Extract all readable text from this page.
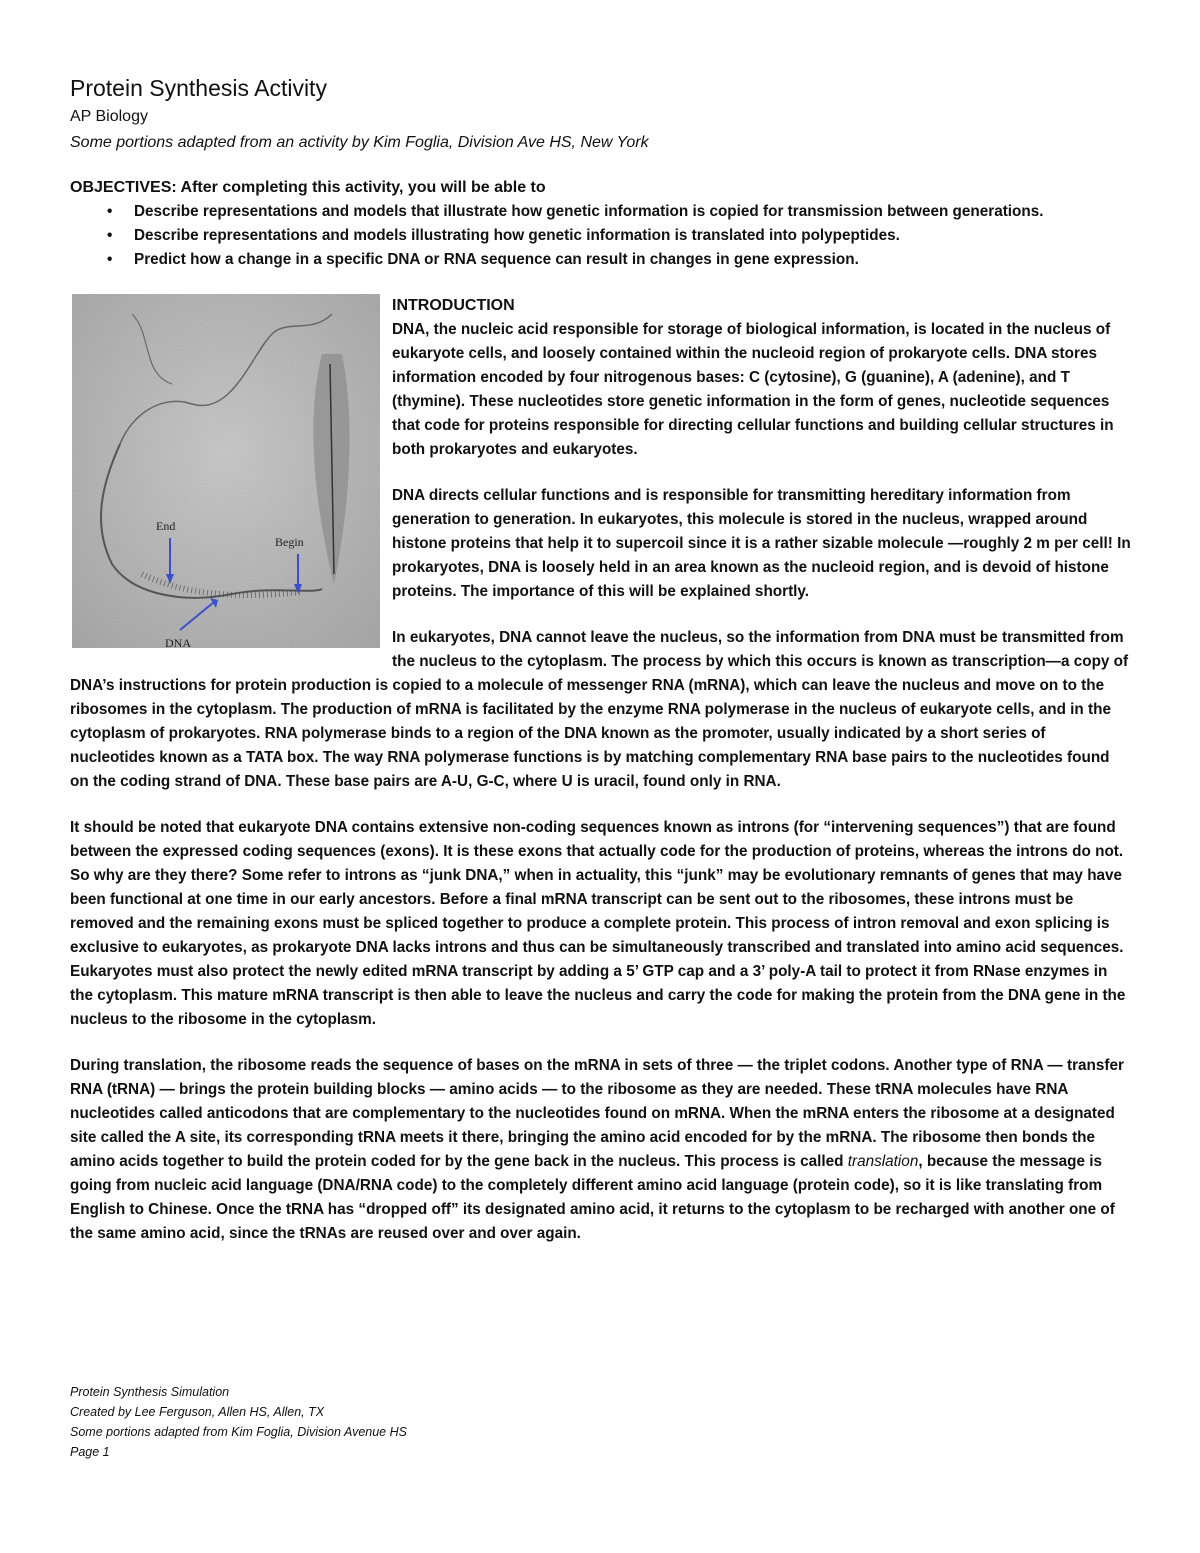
Protein Synthesis Activity
AP Biology
Some portions adapted from an activity by Kim Foglia, Division Ave HS, New York
OBJECTIVES: After completing this activity, you will be able to
• Describe representations and models that illustrate how genetic information is copied for transmission between generations.
• Describe representations and models illustrating how genetic information is translated into polypeptides.
• Predict how a change in a specific DNA or RNA sequence can result in changes in gene expression.
End
Begin
DNA
INTRODUCTION

DNA, the nucleic acid responsible for storage of biological information, is located in the nucleus of eukaryote cells, and loosely contained within the nucleoid region of prokaryote cells. DNA stores information encoded by four nitrogenous bases: C (cytosine), G (guanine), A (adenine), and T (thymine). These nucleotides store genetic information in the form of genes, nucleotide sequences that code for proteins responsible for directing cellular functions and building cellular structures in both prokaryotes and eukaryotes.

DNA directs cellular functions and is responsible for transmitting hereditary information from generation to generation. In eukaryotes, this molecule is stored in the nucleus, wrapped around histone proteins that help it to supercoil since it is a rather sizable molecule —roughly 2 m per cell! In prokaryotes, DNA is loosely held in an area known as the nucleoid region, and is devoid of histone proteins. The importance of this will be explained shortly.

In eukaryotes, DNA cannot leave the nucleus, so the information from DNA must be transmitted from the nucleus to the cytoplasm. The process by which this occurs is known as transcription—a copy of DNA’s instructions for protein production is copied to a molecule of messenger RNA (mRNA), which can leave the nucleus and move on to the ribosomes in the cytoplasm. The production of mRNA is facilitated by the enzyme RNA polymerase in the nucleus of eukaryote cells, and in the cytoplasm of prokaryotes. RNA polymerase binds to a region of the DNA known as the promoter, usually indicated by a short series of nucleotides known as a TATA box. The way RNA polymerase functions is by matching complementary RNA base pairs to the nucleotides found on the coding strand of DNA. These base pairs are A-U, G-C, where U is uracil, found only in RNA.

It should be noted that eukaryote DNA contains extensive non-coding sequences known as introns (for “intervening sequences”) that are found between the expressed coding sequences (exons). It is these exons that actually code for the production of proteins, whereas the introns do not. So why are they there? Some refer to introns as “junk DNA,” when in actuality, this “junk” may be evolutionary remnants of genes that may have been functional at one time in our early ancestors. Before a final mRNA transcript can be sent out to the ribosomes, these introns must be removed and the remaining exons must be spliced together to produce a complete protein. This process of intron removal and exon splicing is exclusive to eukaryotes, as prokaryote DNA lacks introns and thus can be simultaneously transcribed and translated into amino acid sequences. Eukaryotes must also protect the newly edited mRNA transcript by adding a 5’ GTP cap and a 3’ poly-A tail to protect it from RNase enzymes in the cytoplasm. This mature mRNA transcript is then able to leave the nucleus and carry the code for making the protein from the DNA gene in the nucleus to the ribosome in the cytoplasm.

During translation, the ribosome reads the sequence of bases on the mRNA in sets of three — the triplet codons. Another type of RNA — transfer RNA (tRNA) — brings the protein building blocks — amino acids — to the ribosome as they are needed. These tRNA molecules have RNA nucleotides called anticodons that are complementary to the nucleotides found on mRNA. When the mRNA enters the ribosome at a designated site called the A site, its corresponding tRNA meets it there, bringing the amino acid encoded for by the mRNA. The ribosome then bonds the amino acids together to build the protein coded for by the gene back in the nucleus. This process is called translation, because the message is going from nucleic acid language (DNA/RNA code) to the completely different amino acid language (protein code), so it is like translating from English to Chinese. Once the tRNA has “dropped off” its designated amino acid, it returns to the cytoplasm to be recharged with another one of the same amino acid, since the tRNAs are reused over and over again.

Protein Synthesis Simulation
Created by Lee Ferguson, Allen HS, Allen, TX
Some portions adapted from Kim Foglia, Division Avenue HS
Page 1
